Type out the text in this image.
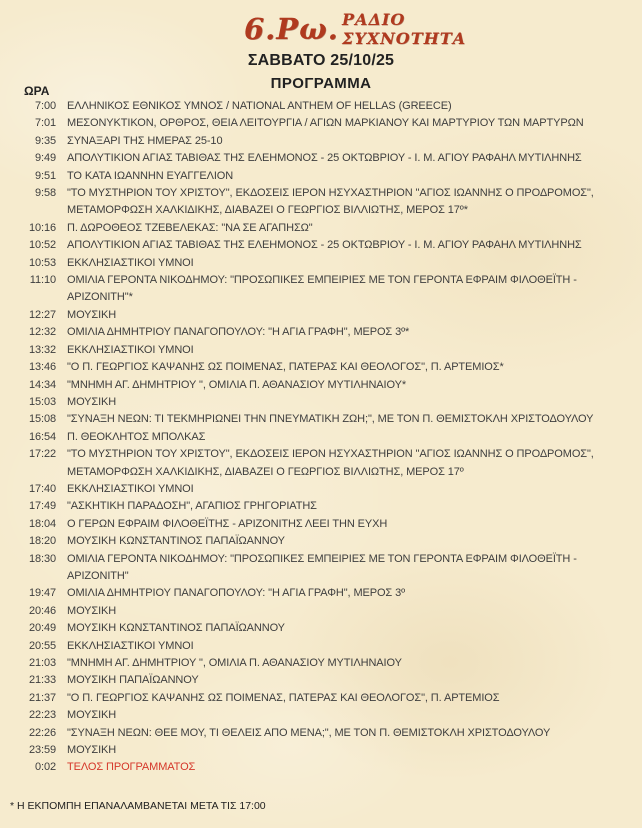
6.Ρω. ΡΑΔΙΟ
ΣΥΧΝΟΤΗΤΑ
ΣΑΒΒΑΤΟ 25/10/25
ΠΡΟΓΡΑΜΜΑ
ΩΡΑ
7:00 ΕΛΛΗΝΙΚΟΣ ΕΘΝΙΚΟΣ ΥΜΝΟΣ / NATIONAL ANTHEM OF HELLAS (GREECE)
7:01 ΜΕΣΟΝΥΚΤΙΚΟΝ, ΟΡΘΡΟΣ, ΘΕΙΑ ΛΕΙΤΟΥΡΓΙΑ / ΑΓΙΩΝ ΜΑΡΚΙΑΝΟΥ ΚΑΙ ΜΑΡΤΥΡΙΟΥ ΤΩΝ ΜΑΡΤΥΡΩΝ
9:35 ΣΥΝΑΞΑΡΙ ΤΗΣ ΗΜΕΡΑΣ 25-10
9:49 ΑΠΟΛΥΤΙΚΙΟΝ ΑΓΙΑΣ ΤΑΒΙΘΑΣ ΤΗΣ ΕΛΕΗΜΟΝΟΣ - 25 ΟΚΤΩΒΡΙΟΥ - Ι. Μ. ΑΓΙΟΥ ΡΑΦΑΗΛ ΜΥΤΙΛΗΝΗΣ
9:51 ΤΟ ΚΑΤΑ ΙΩΑΝΝΗΝ ΕΥΑΓΓΕΛΙΟΝ
9:58 "ΤΟ ΜΥΣΤΗΡΙΟΝ ΤΟΥ ΧΡΙΣΤΟΥ", ΕΚΔΟΣΕΙΣ ΙΕΡΟΝ ΗΣΥΧΑΣΤΗΡΙΟΝ "ΑΓΙΟΣ ΙΩΑΝΝΗΣ Ο ΠΡΟΔΡΟΜΟΣ", ΜΕΤΑΜΟΡΦΩΣΗ ΧΑΛΚΙΔΙΚΗΣ, ΔΙΑΒΑΖΕΙ Ο ΓΕΩΡΓΙΟΣ ΒΙΛΛΙΩΤΗΣ, ΜΕΡΟΣ 17º*
10:16 Π. ΔΩΡΟΘΕΟΣ ΤΖΕΒΕΛΕΚΑΣ: "ΝΑ ΣΕ ΑΓΑΠΗΣΩ"
10:52 ΑΠΟΛΥΤΙΚΙΟΝ ΑΓΙΑΣ ΤΑΒΙΘΑΣ ΤΗΣ ΕΛΕΗΜΟΝΟΣ - 25 ΟΚΤΩΒΡΙΟΥ - Ι. Μ. ΑΓΙΟΥ ΡΑΦΑΗΛ ΜΥΤΙΛΗΝΗΣ
10:53 ΕΚΚΛΗΣΙΑΣΤΙΚΟΙ ΥΜΝΟΙ
11:10 ΟΜΙΛΙΑ ΓΕΡΟΝΤΑ ΝΙΚΟΔΗΜΟΥ: "ΠΡΟΣΩΠΙΚΕΣ ΕΜΠΕΙΡΙΕΣ ΜΕ ΤΟΝ ΓΕΡΟΝΤΑ ΕΦΡΑΙΜ ΦΙΛΟΘΕΪΤΗ - ΑΡΙΖΟΝΙΤΗ"*
12:27 ΜΟΥΣΙΚΗ
12:32 ΟΜΙΛΙΑ ΔΗΜΗΤΡΙΟΥ ΠΑΝΑΓΟΠΟΥΛΟΥ: "Η ΑΓΙΑ ΓΡΑΦΗ", ΜΕΡΟΣ 3º*
13:32 ΕΚΚΛΗΣΙΑΣΤΙΚΟΙ ΥΜΝΟΙ
13:46 "Ο Π. ΓΕΩΡΓΙΟΣ ΚΑΨΑΝΗΣ ΩΣ ΠΟΙΜΕΝΑΣ, ΠΑΤΕΡΑΣ ΚΑΙ ΘΕΟΛΟΓΟΣ", Π. ΑΡΤΕΜΙΟΣ*
14:34 "ΜΝΗΜΗ ΑΓ. ΔΗΜΗΤΡΙΟΥ ", ΟΜΙΛΙΑ Π. ΑΘΑΝΑΣΙΟΥ ΜΥΤΙΛΗΝΑΙΟΥ*
15:03 ΜΟΥΣΙΚΗ
15:08 "ΣΥΝΑΞΗ ΝΕΩΝ: ΤΙ ΤΕΚΜΗΡΙΩΝΕΙ ΤΗΝ ΠΝΕΥΜΑΤΙΚΗ ΖΩΗ;", ΜΕ ΤΟΝ Π. ΘΕΜΙΣΤΟΚΛΗ ΧΡΙΣΤΟΔΟΥΛΟΥ
16:54 Π. ΘΕΟΚΛΗΤΟΣ ΜΠΟΛΚΑΣ
17:22 "ΤΟ ΜΥΣΤΗΡΙΟΝ ΤΟΥ ΧΡΙΣΤΟΥ", ΕΚΔΟΣΕΙΣ ΙΕΡΟΝ ΗΣΥΧΑΣΤΗΡΙΟΝ "ΑΓΙΟΣ ΙΩΑΝΝΗΣ Ο ΠΡΟΔΡΟΜΟΣ", ΜΕΤΑΜΟΡΦΩΣΗ ΧΑΛΚΙΔΙΚΗΣ, ΔΙΑΒΑΖΕΙ Ο ΓΕΩΡΓΙΟΣ ΒΙΛΛΙΩΤΗΣ, ΜΕΡΟΣ 17º
17:40 ΕΚΚΛΗΣΙΑΣΤΙΚΟΙ ΥΜΝΟΙ
17:49 "ΑΣΚΗΤΙΚΗ ΠΑΡΑΔΟΣΗ", ΑΓΑΠΙΟΣ ΓΡΗΓΟΡΙΑΤΗΣ
18:04 Ο ΓΕΡΩΝ ΕΦΡΑΙΜ ΦΙΛΟΘΕΪΤΗΣ - ΑΡΙΖΟΝΙΤΗΣ ΛΕΕΙ ΤΗΝ ΕΥΧΗ
18:20 ΜΟΥΣΙΚΗ ΚΩΝΣΤΑΝΤΙΝΟΣ ΠΑΠΑΪΩΑΝΝΟΥ
18:30 ΟΜΙΛΙΑ ΓΕΡΟΝΤΑ ΝΙΚΟΔΗΜΟΥ: "ΠΡΟΣΩΠΙΚΕΣ ΕΜΠΕΙΡΙΕΣ ΜΕ ΤΟΝ ΓΕΡΟΝΤΑ ΕΦΡΑΙΜ ΦΙΛΟΘΕΪΤΗ - ΑΡΙΖΟΝΙΤΗ"
19:47 ΟΜΙΛΙΑ ΔΗΜΗΤΡΙΟΥ ΠΑΝΑΓΟΠΟΥΛΟΥ: "Η ΑΓΙΑ ΓΡΑΦΗ", ΜΕΡΟΣ 3º
20:46 ΜΟΥΣΙΚΗ
20:49 ΜΟΥΣΙΚΗ ΚΩΝΣΤΑΝΤΙΝΟΣ ΠΑΠΑΪΩΑΝΝΟΥ
20:55 ΕΚΚΛΗΣΙΑΣΤΙΚΟΙ ΥΜΝΟΙ
21:03 "ΜΝΗΜΗ ΑΓ. ΔΗΜΗΤΡΙΟΥ ", ΟΜΙΛΙΑ Π. ΑΘΑΝΑΣΙΟΥ ΜΥΤΙΛΗΝΑΙΟΥ
21:33 ΜΟΥΣΙΚΗ ΠΑΠΑΪΩΑΝΝΟΥ
21:37 "Ο Π. ΓΕΩΡΓΙΟΣ ΚΑΨΑΝΗΣ ΩΣ ΠΟΙΜΕΝΑΣ, ΠΑΤΕΡΑΣ ΚΑΙ ΘΕΟΛΟΓΟΣ", Π. ΑΡΤΕΜΙΟΣ
22:23 ΜΟΥΣΙΚΗ
22:26 "ΣΥΝΑΞΗ ΝΕΩΝ: ΘΕΕ ΜΟΥ, ΤΙ ΘΕΛΕΙΣ ΑΠΟ ΜΕΝΑ;", ΜΕ ΤΟΝ Π. ΘΕΜΙΣΤΟΚΛΗ ΧΡΙΣΤΟΔΟΥΛΟΥ
23:59 ΜΟΥΣΙΚΗ
0:02 ΤΕΛΟΣ ΠΡΟΓΡΑΜΜΑΤΟΣ
* Η ΕΚΠΟΜΠΗ ΕΠΑΝΑΛΑΜΒΑΝΕΤΑΙ ΜΕΤΑ ΤΙΣ 17:00
